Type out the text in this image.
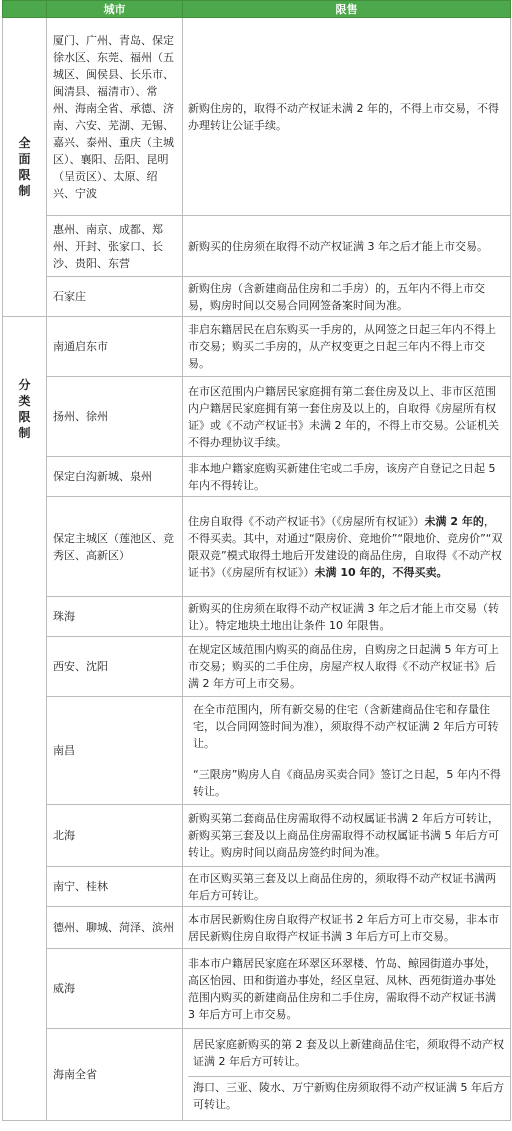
	城市	限售

全面
限制	厦门、广州、青岛、保定徐水区、东莞、福州（五城区、闽侯县、长乐市、闽清县、福清市）、常州、海南全省、承德、济南、六安、芜湖、无锡、嘉兴、泰州、重庆（主城区）、襄阳、岳阳、昆明（呈贡区）、太原、绍兴、宁波	新购住房的，取得不动产权证未满 2 年的，不得上市交易，不得办理转让公证手续。
	惠州、南京、成都、郑州、开封、张家口、长沙、贵阳、东营	新购买的住房须在取得不动产权证满 3 年之后才能上市交易。
	石家庄	新购住房（含新建商品住房和二手房）的，五年内不得上市交易，购房时间以交易合同网签备案时间为准。

分类
限制	南通启东市	非启东籍居民在启东购买一手房的，从网签之日起三年内不得上市交易；购买二手房的，从产权变更之日起三年内不得上市交易。
	扬州、徐州	在市区范围内户籍居民家庭拥有第二套住房及以上、非市区范围内户籍居民家庭拥有第一套住房及以上的，自取得《房屋所有权证》或《不动产权证书》未满 2 年的，不得上市交易。公证机关不得办理协议手续。
	保定白沟新城、泉州	非本地户籍家庭购买新建住宅或二手房，该房产自登记之日起 5 年内不得转让。
	保定主城区（莲池区、竞秀区、高新区）	住房自取得《不动产权证书》（《房屋所有权证》）未满 2 年的，不得买卖。其中，对通过“限房价、竞地价”“限地价、竞房价”“双限双竞”模式取得土地后开发建设的商品住房，自取得《不动产权证书》（《房屋所有权证》）未满 10 年的，不得买卖。
	珠海	新购买的住房须在取得不动产权证满 3 年之后才能上市交易（转让）。特定地块土地出让条件 10 年限售。
	西安、沈阳	在规定区域范围内购买的商品住房，自购房之日起满 5 年方可上市交易；购买的二手住房，房屋产权人取得《不动产权证书》后满 2 年方可上市交易。
	南昌	在全市范围内，所有新交易的住宅（含新建商品住宅和存量住宅，以合同网签时间为准），须取得不动产权证满 2 年后方可转让。
“三限房”购房人自《商品房买卖合同》签订之日起，5 年内不得转让。

	北海	新购买第二套商品住房需取得不动权属证书满 2 年后方可转让，新购买第三套及以上商品住房需取得不动权属证书满 5 年后方可转让。购房时间以商品房签约时间为准。
	南宁、桂林	在市区购买第三套及以上商品住房的，须取得不动产权证书满两年后方可转让。
	德州、聊城、菏泽、滨州	本市居民新购住房自取得产权证书 2 年后方可上市交易，非本市居民新购住房自取得产权证书满 3 年后方可上市交易。
	威海	非本市户籍居民家庭在环翠区环翠楼、竹岛、鲸园街道办事处，高区怡园、田和街道办事处，经区皇冠、凤林、西苑街道办事处范围内购买的新建商品住房和二手住房，需取得不动产权证书满 3 年后方可上市交易。
	海南全省	居民家庭新购买的第 2 套及以上新建商品住宅，须取得不动产权证满 2 年后方可转让。
海口、三亚、陵水、万宁新购住房须取得不动产权证满 5 年后方可转让。
